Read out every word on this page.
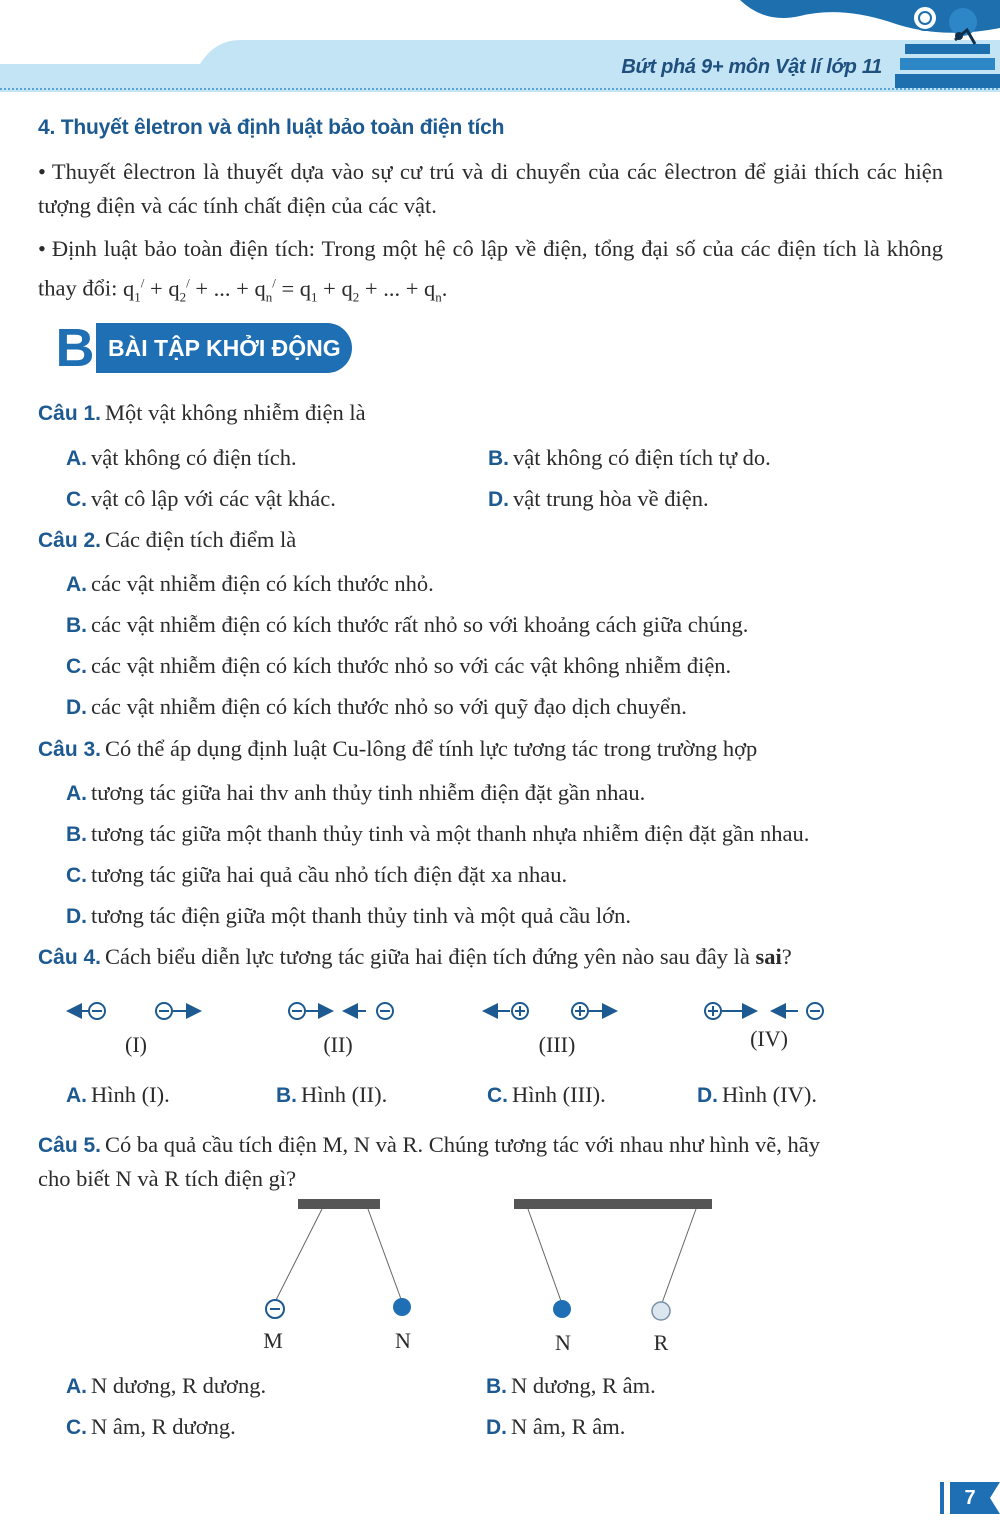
Bứt phá 9+ môn Vật lí lớp 11
4. Thuyết êletron và định luật bảo toàn điện tích
• Thuyết êlectron là thuyết dựa vào sự cư trú và di chuyển của các êlectron để giải thích các hiện tượng điện và các tính chất điện của các vật.
• Định luật bảo toàn điện tích: Trong một hệ cô lập về điện, tổng đại số của các điện tích là không thay đổi: $q_1^/ + q_2^/$ + ... + $q_n^/ = q_1 + q_2$ + ... + $q_n$.
B BÀI TẬP KHỞI ĐỘNG
Câu 1. Một vật không nhiễm điện là
A. vật không có điện tích.	B. vật không có điện tích tự do.
C. vật cô lập với các vật khác.	D. vật trung hòa về điện.
Câu 2. Các điện tích điểm là
A. các vật nhiễm điện có kích thước nhỏ.
B. các vật nhiễm điện có kích thước rất nhỏ so với khoảng cách giữa chúng.
C. các vật nhiễm điện có kích thước nhỏ so với các vật không nhiễm điện.
D. các vật nhiễm điện có kích thước nhỏ so với quỹ đạo dịch chuyển.
Câu 3. Có thể áp dụng định luật Cu-lông để tính lực tương tác trong trường hợp
A. tương tác giữa hai thv anh thủy tinh nhiễm điện đặt gần nhau.
B. tương tác giữa một thanh thủy tinh và một thanh nhựa nhiễm điện đặt gần nhau.
C. tương tác giữa hai quả cầu nhỏ tích điện đặt xa nhau.
D. tương tác điện giữa một thanh thủy tinh và một quả cầu lớn.
Câu 4. Cách biểu diễn lực tương tác giữa hai điện tích đứng yên nào sau đây là sai?
(I)	(II)	(III)	(IV)
A. Hình (I).	B. Hình (II).	C. Hình (III).	D. Hình (IV).
Câu 5. Có ba quả cầu tích điện M, N và R. Chúng tương tác với nhau như hình vẽ, hãy
cho biết N và R tích điện gì?
M	N	N	R
A. N dương, R dương.	B. N dương, R âm.
C. N âm, R dương.	D. N âm, R âm.
7
